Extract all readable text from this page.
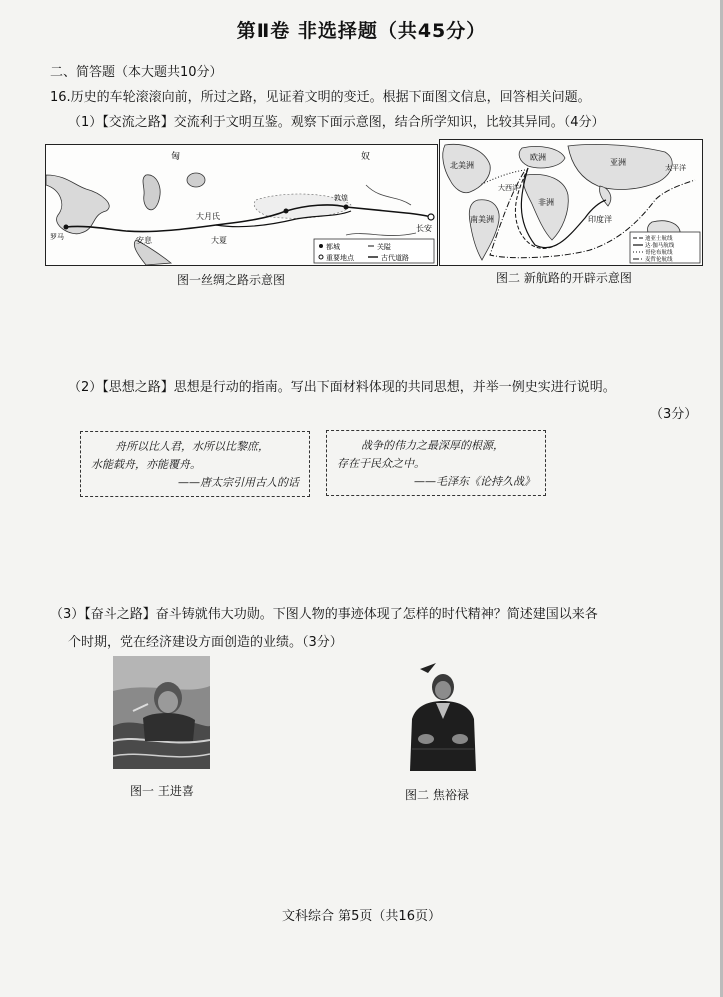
第Ⅱ卷 非选择题（共45分）
二、简答题（本大题共10分）
16.历史的车轮滚滚向前，所过之路，见证着文明的变迁。根据下面图文信息，回答相关问题。
（1）【交流之路】交流利于文明互鉴。观察下面示意图，结合所学知识，比较其异同。（4分）
匈	奴
安息
大月氏
大夏
长安
敦煌
罗马
都城	关隘
重要地点	古代道路
北美洲
欧洲
亚洲
非洲
南美洲
大西洋
印度洋
太平洋
迪亚士航线
达·伽马航线
哥伦布航线
麦哲伦航线
图一丝绸之路示意图	图二 新航路的开辟示意图
（2）【思想之路】思想是行动的指南。写出下面材料体现的共同思想，并举一例史实进行说明。
（3分）
舟所以比人君，水所以比黎庶，
水能载舟，亦能覆舟。
——唐太宗引用古人的话
战争的伟力之最深厚的根源，
存在于民众之中。
——毛泽东《论持久战》
（3）【奋斗之路】奋斗铸就伟大功勋。下图人物的事迹体现了怎样的时代精神？简述建国以来各
个时期，党在经济建设方面创造的业绩。（3分）
图一 王进喜	图二 焦裕禄
文科综合 第5页（共16页）
